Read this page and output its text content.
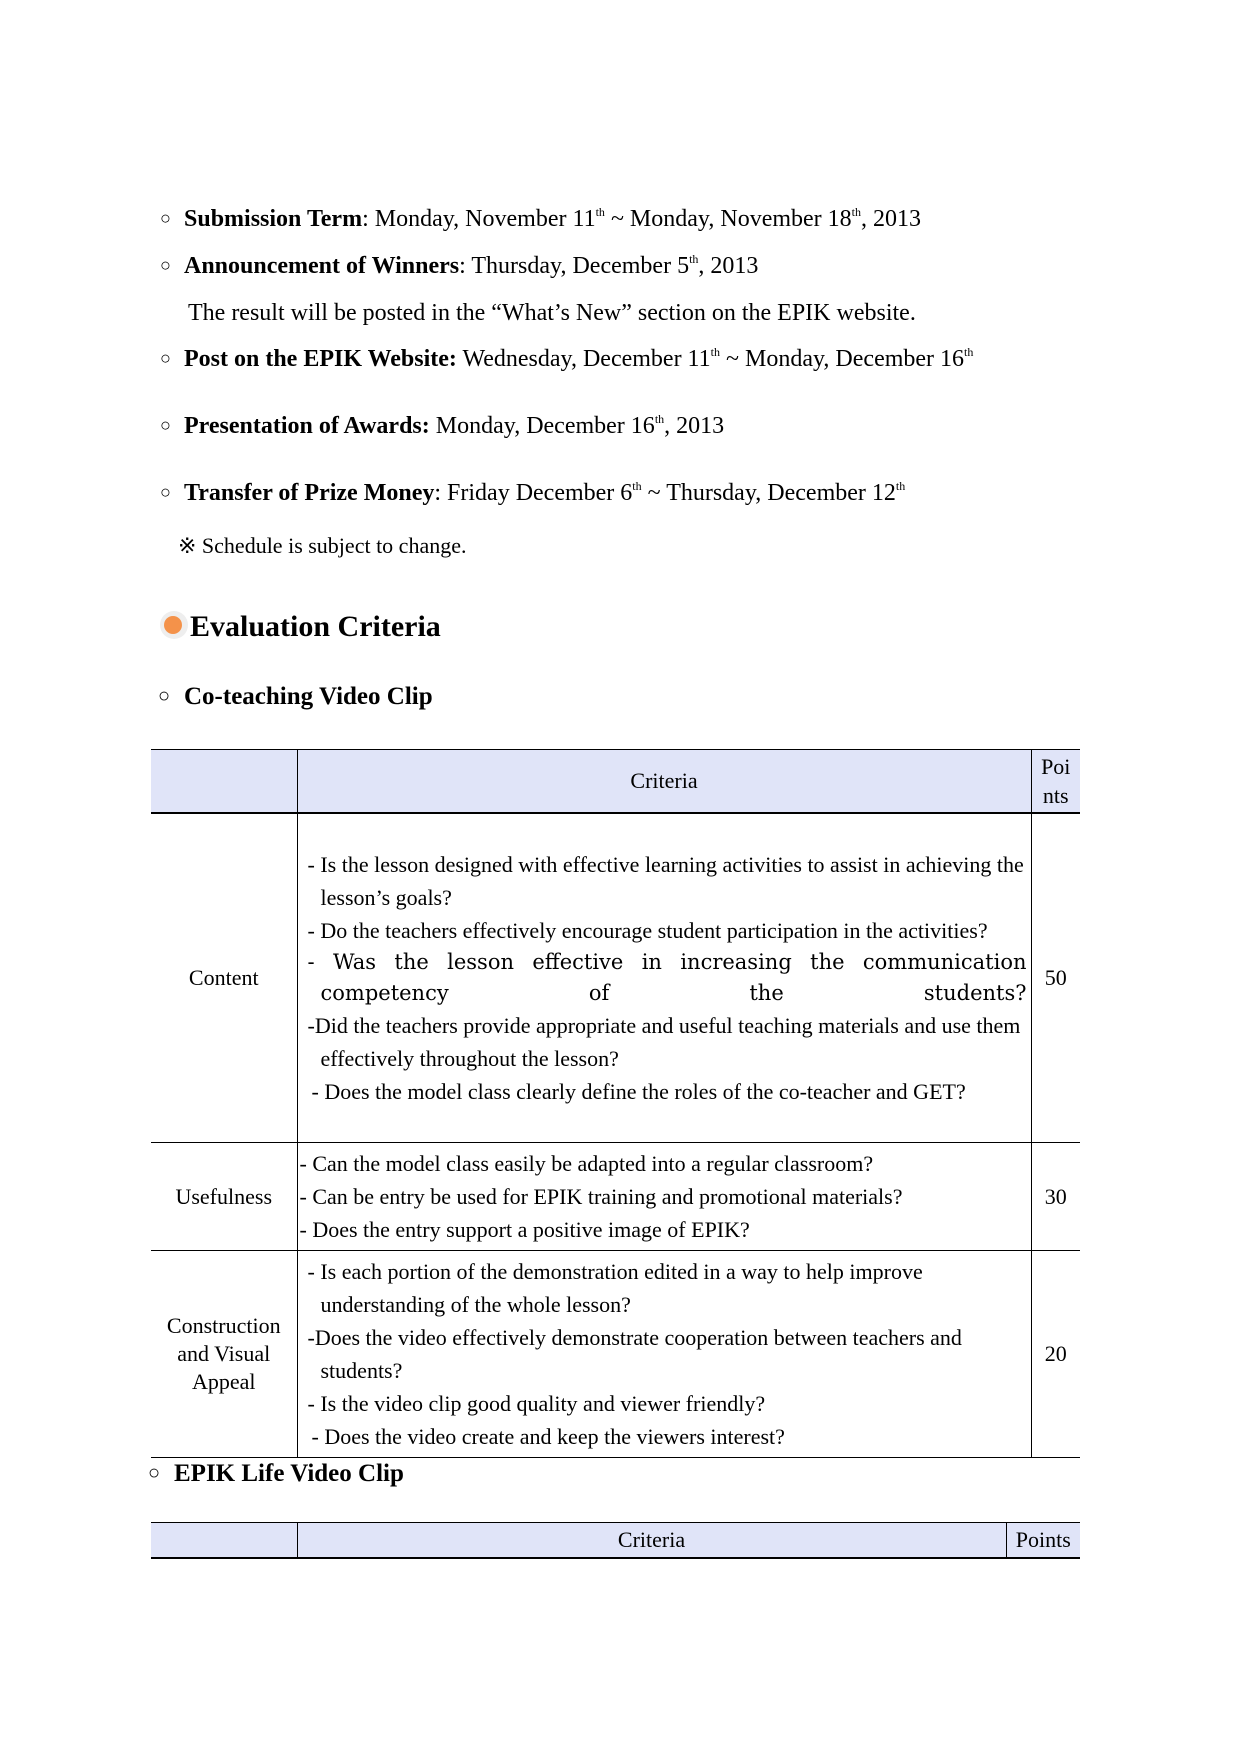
○ Submission Term: Monday, November 11th ~ Monday, November 18th, 2013
○ Announcement of Winners: Thursday, December 5th, 2013
The result will be posted in the “What’s New” section on the EPIK website.
○ Post on the EPIK Website: Wednesday, December 11th ~ Monday, December 16th
○ Presentation of Awards: Monday, December 16th, 2013
○ Transfer of Prize Money: Friday December 6th ~ Thursday, December 12th
※ Schedule is subject to change.
Evaluation Criteria
○ Co-teaching Video Clip
	Criteria	Poi
nts
Content	- Is the lesson designed with effective learning activities to assist in achieving the lesson’s goals?
- Do the teachers effectively encourage student participation in the activities?
- Was the lesson effective in increasing the communication competency of the students?
-Did the teachers provide appropriate and useful teaching materials and use them effectively throughout the lesson?
- Does the model class clearly define the roles of the co-teacher and GET?	50
Usefulness	- Can the model class easily be adapted into a regular classroom?
- Can be entry be used for EPIK training and promotional materials?
- Does the entry support a positive image of EPIK?	30
Construction and Visual Appeal	- Is each portion of the demonstration edited in a way to help improve understanding of the whole lesson?
-Does the video effectively demonstrate cooperation between teachers and students?
- Is the video clip good quality and viewer friendly?
- Does the video create and keep the viewers interest?	20
○ EPIK Life Video Clip
	Criteria	Points
